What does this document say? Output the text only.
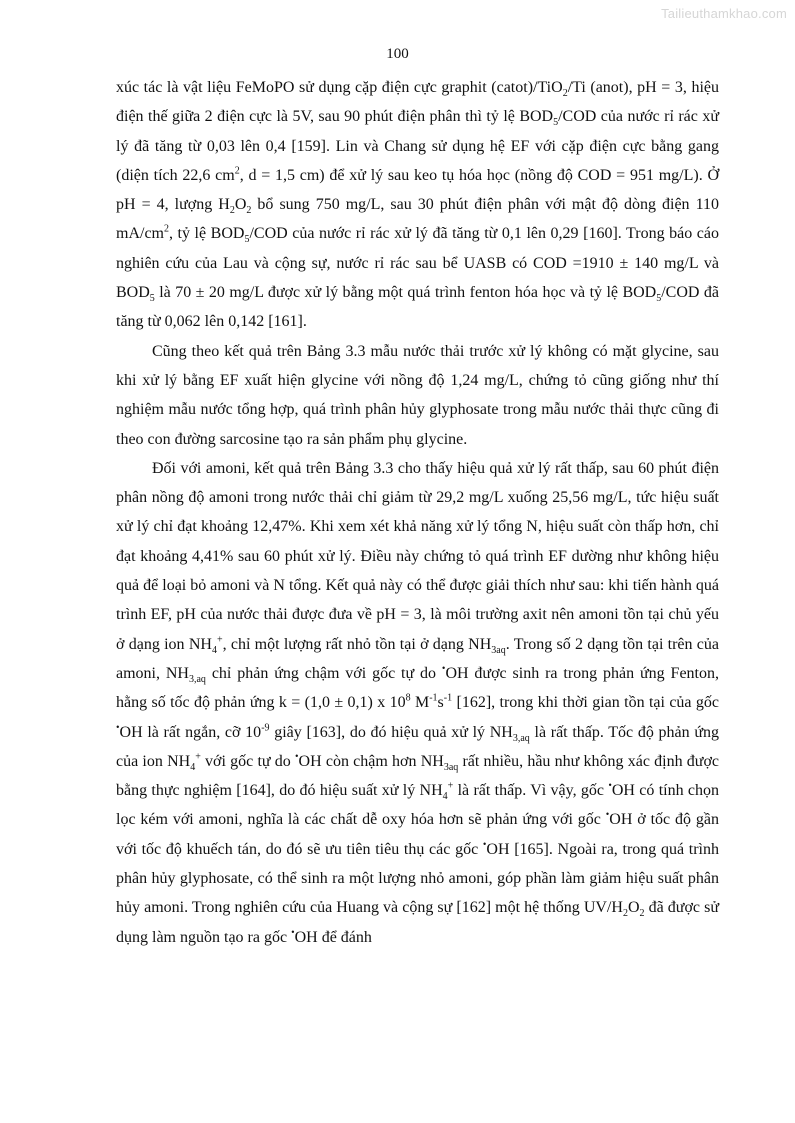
Tailieuthamkhao.com
100

xúc tác là vật liệu FeMoPO sử dụng cặp điện cực graphit (catot)/TiO$_2$/Ti (anot), pH = 3, hiệu điện thế giữa 2 điện cực là 5V, sau 90 phút điện phân thì tỷ lệ $BOD_5$/COD của nước rỉ rác xử lý đã tăng từ 0,03 lên 0,4 [159]. Lin và Chang sử dụng hệ EF với cặp điện cực bằng gang (diện tích 22,6 $cm^2$, d = 1,5 cm) để xử lý sau keo tụ hóa học (nồng độ COD = 951 mg/L). Ở pH = 4, lượng $H_2O_2$ bổ sung 750 mg/L, sau 30 phút điện phân với mật độ dòng điện 110 $mA/cm^2$, tỷ lệ $BOD_5$/COD của nước rỉ rác xử lý đã tăng từ 0,1 lên 0,29 [160]. Trong báo cáo nghiên cứu của Lau và cộng sự, nước rỉ rác sau bể UASB có COD =1910 ± 140 mg/L và $BOD_5$ là 70 ± 20 mg/L được xử lý bằng một quá trình fenton hóa học và tỷ lệ $BOD_5$/COD đã tăng từ 0,062 lên 0,142 [161].

Cũng theo kết quả trên Bảng 3.3 mẫu nước thải trước xử lý không có mặt glycine, sau khi xử lý bằng EF xuất hiện glycine với nồng độ 1,24 mg/L, chứng tỏ cũng giống như thí nghiệm mẫu nước tổng hợp, quá trình phân hủy glyphosate trong mẫu nước thải thực cũng đi theo con đường sarcosine tạo ra sản phẩm phụ glycine.

Đối với amoni, kết quả trên Bảng 3.3 cho thấy hiệu quả xử lý rất thấp, sau 60 phút điện phân nồng độ amoni trong nước thải chỉ giảm từ 29,2 mg/L xuống 25,56 mg/L, tức hiệu suất xử lý chỉ đạt khoảng 12,47%. Khi xem xét khả năng xử lý tổng N, hiệu suất còn thấp hơn, chỉ đạt khoảng 4,41% sau 60 phút xử lý. Điều này chứng tỏ quá trình EF dường như không hiệu quả để loại bỏ amoni và N tổng. Kết quả này có thể được giải thích như sau: khi tiến hành quá trình EF, pH của nước thải được đưa về pH = 3, là môi trường axit nên amoni tồn tại chủ yếu ở dạng ion $NH_4^+$, chỉ một lượng rất nhỏ tồn tại ở dạng $NH_{3aq}$. Trong số 2 dạng tồn tại trên của amoni, $NH_{3,aq}$ chỉ phản ứng chậm với gốc tự do •OH được sinh ra trong phản ứng Fenton, hằng số tốc độ phản ứng k = (1,0 ± 0,1) x $10^8$ $M^{-1}s^{-1}$ [162], trong khi thời gian tồn tại của gốc •OH là rất ngắn, cỡ $10^{-9}$ giây [163], do đó hiệu quả xử lý $NH_{3,aq}$ là rất thấp. Tốc độ phản ứng của ion $NH_4^+$ với gốc tự do •OH còn chậm hơn $NH_{3aq}$ rất nhiều, hầu như không xác định được bằng thực nghiệm [164], do đó hiệu suất xử lý $NH_4^+$ là rất thấp. Vì vậy, gốc •OH có tính chọn lọc kém với amoni, nghĩa là các chất dễ oxy hóa hơn sẽ phản ứng với gốc •OH ở tốc độ gần với tốc độ khuếch tán, do đó sẽ ưu tiên tiêu thụ các gốc •OH [165]. Ngoài ra, trong quá trình phân hủy glyphosate, có thể sinh ra một lượng nhỏ amoni, góp phần làm giảm hiệu suất phân hủy amoni. Trong nghiên cứu của Huang và cộng sự [162] một hệ thống $UV/H_2O_2$ đã được sử dụng làm nguồn tạo ra gốc •OH để đánh
